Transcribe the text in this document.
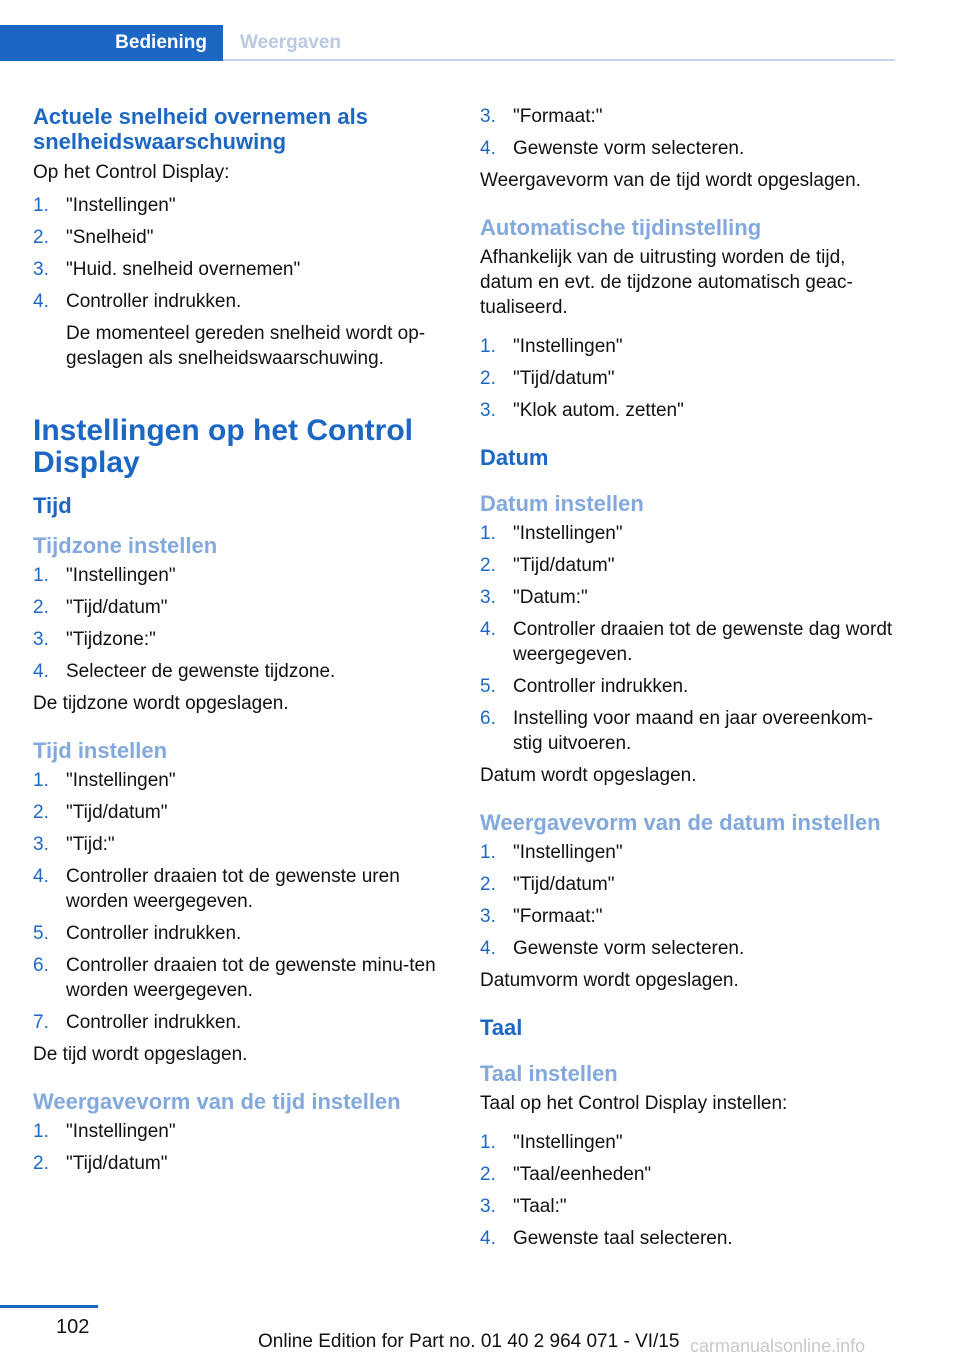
Bediening	Weergaven
Actuele snelheid overnemen als snelheidswaarschuwing
Op het Control Display:
1. "Instellingen"
2. "Snelheid"
3. "Huid. snelheid overnemen"
4. Controller indrukken.
De momenteel gereden snelheid wordt op-geslagen als snelheidswaarschuwing.
Instellingen op het Control Display
Tijd
Tijdzone instellen
1. "Instellingen"
2. "Tijd/datum"
3. "Tijdzone:"
4. Selecteer de gewenste tijdzone.
De tijdzone wordt opgeslagen.
Tijd instellen
1. "Instellingen"
2. "Tijd/datum"
3. "Tijd:"
4. Controller draaien tot de gewenste uren worden weergegeven.
5. Controller indrukken.
6. Controller draaien tot de gewenste minu-ten worden weergegeven.
7. Controller indrukken.
De tijd wordt opgeslagen.
Weergavevorm van de tijd instellen
1. "Instellingen"
2. "Tijd/datum"
3. "Formaat:"
4. Gewenste vorm selecteren.
Weergavevorm van de tijd wordt opgeslagen.
Automatische tijdinstelling
Afhankelijk van de uitrusting worden de tijd, datum en evt. de tijdzone automatisch geac-tualiseerd.
1. "Instellingen"
2. "Tijd/datum"
3. "Klok autom. zetten"
Datum
Datum instellen
1. "Instellingen"
2. "Tijd/datum"
3. "Datum:"
4. Controller draaien tot de gewenste dag wordt weergegeven.
5. Controller indrukken.
6. Instelling voor maand en jaar overeenkom-stig uitvoeren.
Datum wordt opgeslagen.
Weergavevorm van de datum instellen
1. "Instellingen"
2. "Tijd/datum"
3. "Formaat:"
4. Gewenste vorm selecteren.
Datumvorm wordt opgeslagen.
Taal
Taal instellen
Taal op het Control Display instellen:
1. "Instellingen"
2. "Taal/eenheden"
3. "Taal:"
4. Gewenste taal selecteren.
102
Online Edition for Part no. 01 40 2 964 071 - VI/15 carmanualsonline.info
